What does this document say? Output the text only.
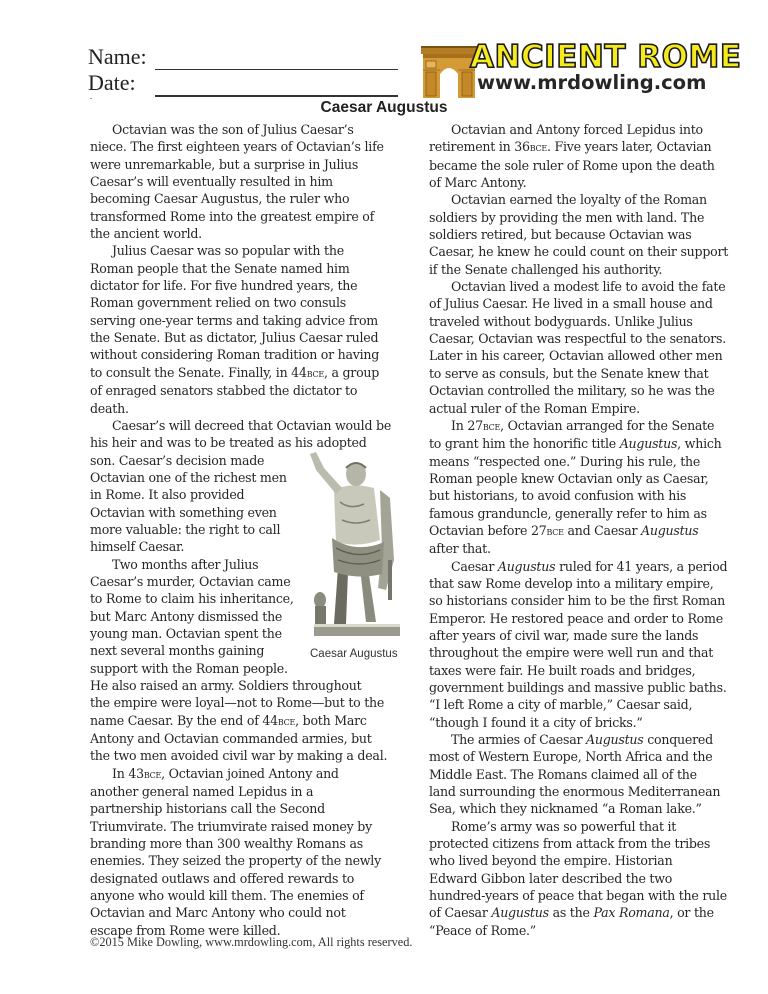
Name:
Date:
ANCIENT ROME
www.mrdowling.com
Caesar Augustus
Octavian was the son of Julius Caesar’s
niece. The first eighteen years of Octavian’s life
were unremarkable, but a surprise in Julius
Caesar’s will eventually resulted in him
becoming Caesar Augustus, the ruler who
transformed Rome into the greatest empire of
the ancient world.
Julius Caesar was so popular with the
Roman people that the Senate named him
dictator for life. For five hundred years, the
Roman government relied on two consuls
serving one-year terms and taking advice from
the Senate. But as dictator, Julius Caesar ruled
without considering Roman tradition or having
to consult the Senate. Finally, in 44bce, a group
of enraged senators stabbed the dictator to
death.
Caesar’s will decreed that Octavian would be
his heir and was to be treated as his adopted
son. Caesar’s decision made
Octavian one of the richest men
in Rome. It also provided
Octavian with something even
more valuable: the right to call
himself Caesar.
Two months after Julius
Caesar’s murder, Octavian came
to Rome to claim his inheritance,
but Marc Antony dismissed the
young man. Octavian spent the
next several months gaining
support with the Roman people.
He also raised an army. Soldiers throughout
the empire were loyal—not to Rome—but to the
name Caesar. By the end of 44bce, both Marc
Antony and Octavian commanded armies, but
the two men avoided civil war by making a deal.
In 43bce, Octavian joined Antony and
another general named Lepidus in a
partnership historians call the Second
Triumvirate. The triumvirate raised money by
branding more than 300 wealthy Romans as
enemies. They seized the property of the newly
designated outlaws and offered rewards to
anyone who would kill them. The enemies of
Octavian and Marc Antony who could not
escape from Rome were killed.
Octavian and Antony forced Lepidus into
retirement in 36bce. Five years later, Octavian
became the sole ruler of Rome upon the death
of Marc Antony.
Octavian earned the loyalty of the Roman
soldiers by providing the men with land. The
soldiers retired, but because Octavian was
Caesar, he knew he could count on their support
if the Senate challenged his authority.
Octavian lived a modest life to avoid the fate
of Julius Caesar. He lived in a small house and
traveled without bodyguards. Unlike Julius
Caesar, Octavian was respectful to the senators.
Later in his career, Octavian allowed other men
to serve as consuls, but the Senate knew that
Octavian controlled the military, so he was the
actual ruler of the Roman Empire.
In 27bce, Octavian arranged for the Senate
to grant him the honorific title Augustus, which
means “respected one.” During his rule, the
Roman people knew Octavian only as Caesar,
but historians, to avoid confusion with his
famous granduncle, generally refer to him as
Octavian before 27bce and Caesar Augustus
after that.
Caesar Augustus ruled for 41 years, a period
that saw Rome develop into a military empire,
so historians consider him to be the first Roman
Emperor. He restored peace and order to Rome
after years of civil war, made sure the lands
throughout the empire were well run and that
taxes were fair. He built roads and bridges,
government buildings and massive public baths.
“I left Rome a city of marble,” Caesar said,
“though I found it a city of bricks.”
The armies of Caesar Augustus conquered
most of Western Europe, North Africa and the
Middle East. The Romans claimed all of the
land surrounding the enormous Mediterranean
Sea, which they nicknamed “a Roman lake.”
Rome’s army was so powerful that it
protected citizens from attack from the tribes
who lived beyond the empire. Historian
Edward Gibbon later described the two
hundred-years of peace that began with the rule
of Caesar Augustus as the Pax Romana, or the
“Peace of Rome.”
Caesar Augustus
©2015 Mike Dowling, www.mrdowling.com, All rights reserved.
